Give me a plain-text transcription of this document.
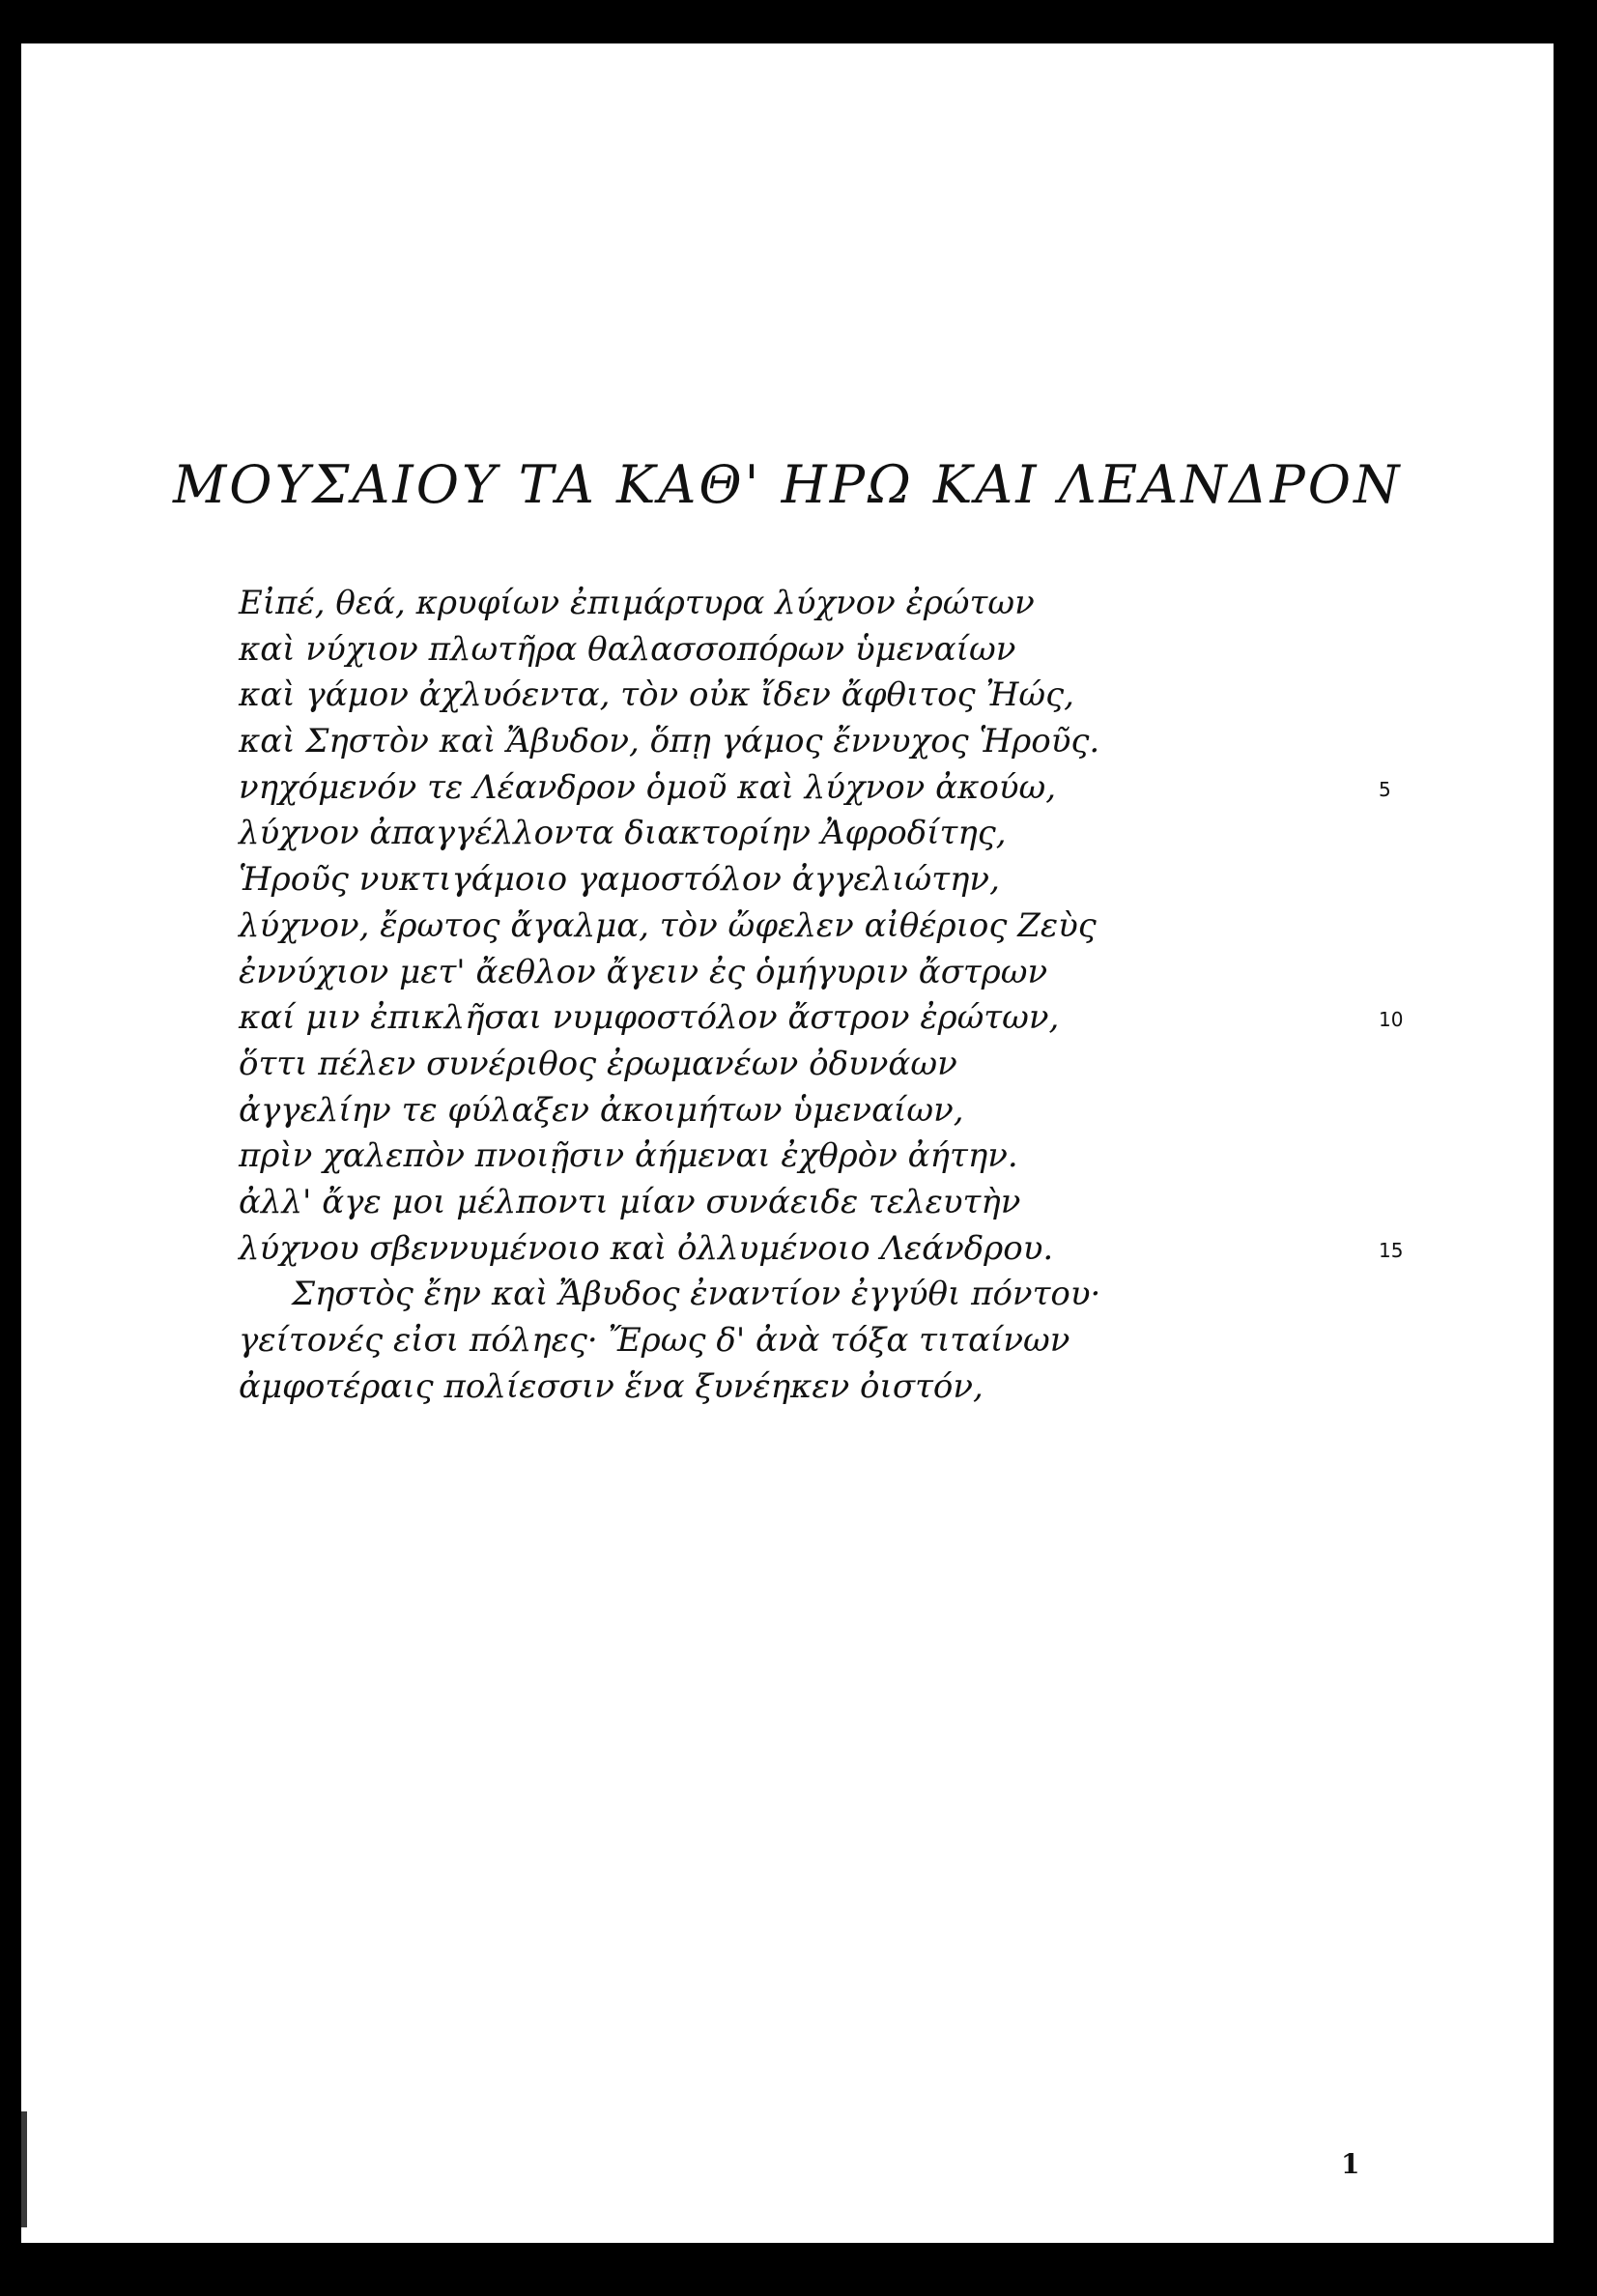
ΜΟΥΣΑΙΟΥ ΤΑ ΚΑΘ' ΗΡΩ ΚΑΙ ΛΕΑΝΔΡΟΝ
Εἰπέ, θεά, κρυφίων ἐπιμάρτυρα λύχνον ἐρώτων
καὶ νύχιον πλωτῆρα θαλασσοπόρων ὑμεναίων
καὶ γάμον ἀχλυόεντα, τὸν οὐκ ἴδεν ἄφθιτος Ἠώς,
καὶ Σηστὸν καὶ Ἄβυδον, ὅπῃ γάμος ἔννυχος Ἡροῦς.
νηχόμενόν τε Λέανδρον ὁμοῦ καὶ λύχνον ἀκούω,	5
λύχνον ἀπαγγέλλοντα διακτορίην Ἀφροδίτης,
Ἡροῦς νυκτιγάμοιο γαμοστόλον ἀγγελιώτην,
λύχνον, ἔρωτος ἄγαλμα, τὸν ὤφελεν αἰθέριος Ζεὺς
ἐννύχιον μετ' ἄεθλον ἄγειν ἐς ὁμήγυριν ἄστρων
καί μιν ἐπικλῆσαι νυμφοστόλον ἄστρον ἐρώτων,	10
ὅττι πέλεν συνέριθος ἐρωμανέων ὀδυνάων
ἀγγελίην τε φύλαξεν ἀκοιμήτων ὑμεναίων,
πρὶν χαλεπὸν πνοιῇσιν ἀήμεναι ἐχθρὸν ἀήτην.
ἀλλ' ἄγε μοι μέλποντι μίαν συνάειδε τελευτὴν
λύχνου σβεννυμένοιο καὶ ὀλλυμένοιο Λεάνδρου.	15
Σηστὸς ἔην καὶ Ἄβυδος ἐναντίον ἐγγύθι πόντου·
γείτονές εἰσι πόληες· Ἔρως δ' ἀνὰ τόξα τιταίνων
ἀμφοτέραις πολίεσσιν ἕνα ξυνέηκεν ὀιστόν,
1
